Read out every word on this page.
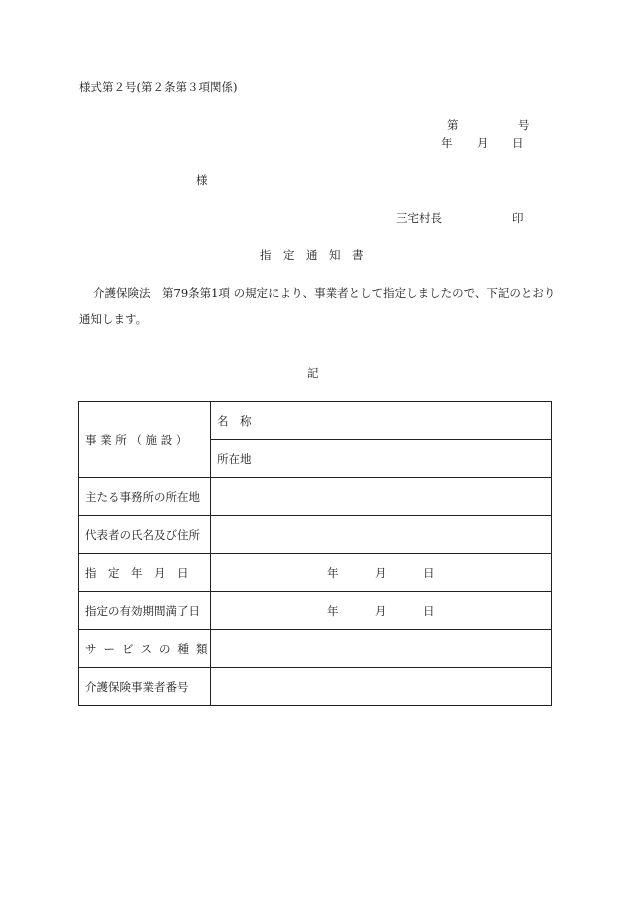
様式第２号(第２条第３項関係)
第	号
年 月 日
様
三宅村長	印
指　定　通　知　書
介護保険法　第79条第1項 の規定により、事業者として指定しましたので、下記のとおり
通知します。
記
事 業 所 （ 施 設 ）	名　称
	所在地
主たる事務所の所在地	
代表者の氏名及び住所	
指　定　年　月　日	年 月 日

指定の有効期間満了日	年 月 日

サービスの種類	
介護保険事業者番号	
